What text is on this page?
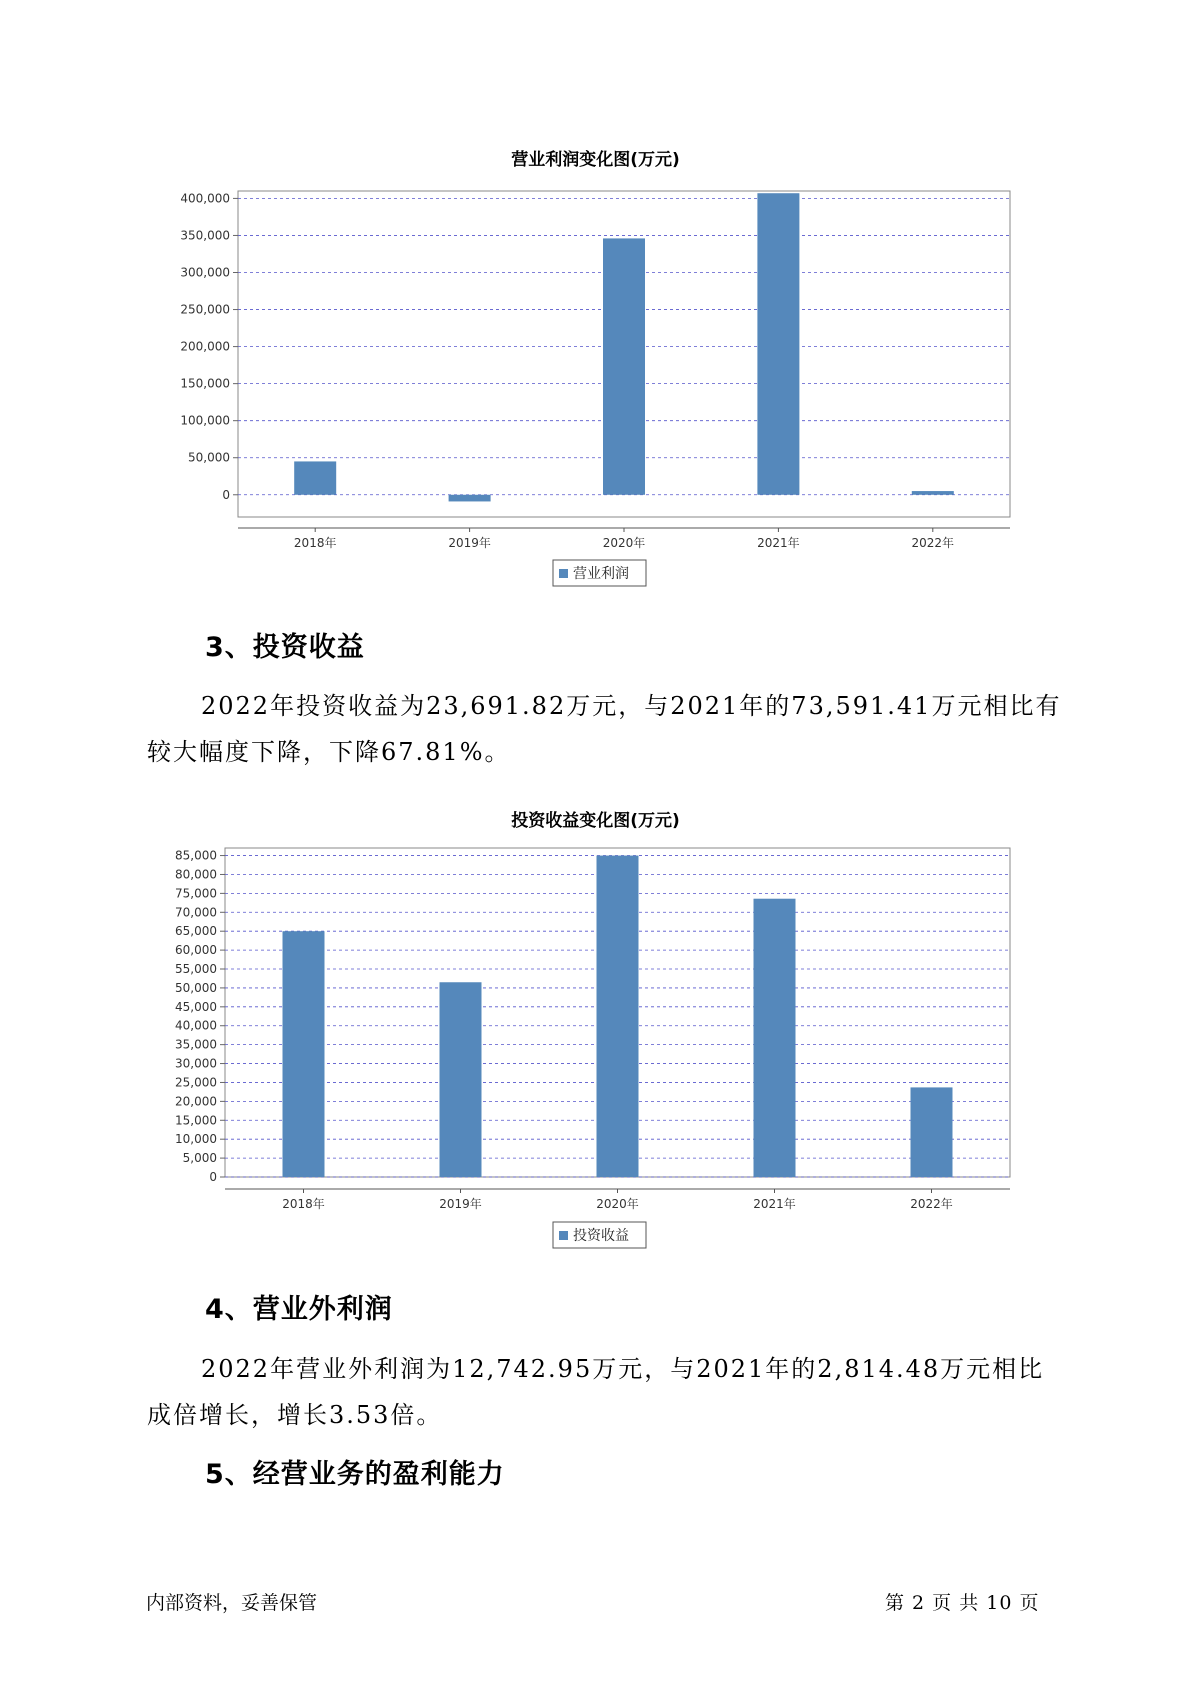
营业利润变化图(万元)
0
50,000
100,000
150,000
200,000
250,000
300,000
350,000
400,000
2018年	2019年	2020年	2021年	2022年
营业利润
3、投资收益

2022年投资收益为23,691.82万元，与2021年的73,591.41万元相比有较大幅度下降，下降67.81%。

投资收益变化图(万元)
0
5,000
10,000
15,000
20,000
25,000
30,000
35,000
40,000
45,000
50,000
55,000
60,000
65,000
70,000
75,000
80,000
85,000
2018年	2019年	2020年	2021年	2022年
投资收益
4、营业外利润

2022年营业外利润为12,742.95万元，与2021年的2,814.48万元相比成倍增长，增长3.53倍。

5、经营业务的盈利能力
内部资料，妥善保管	第 2 页 共 10 页
